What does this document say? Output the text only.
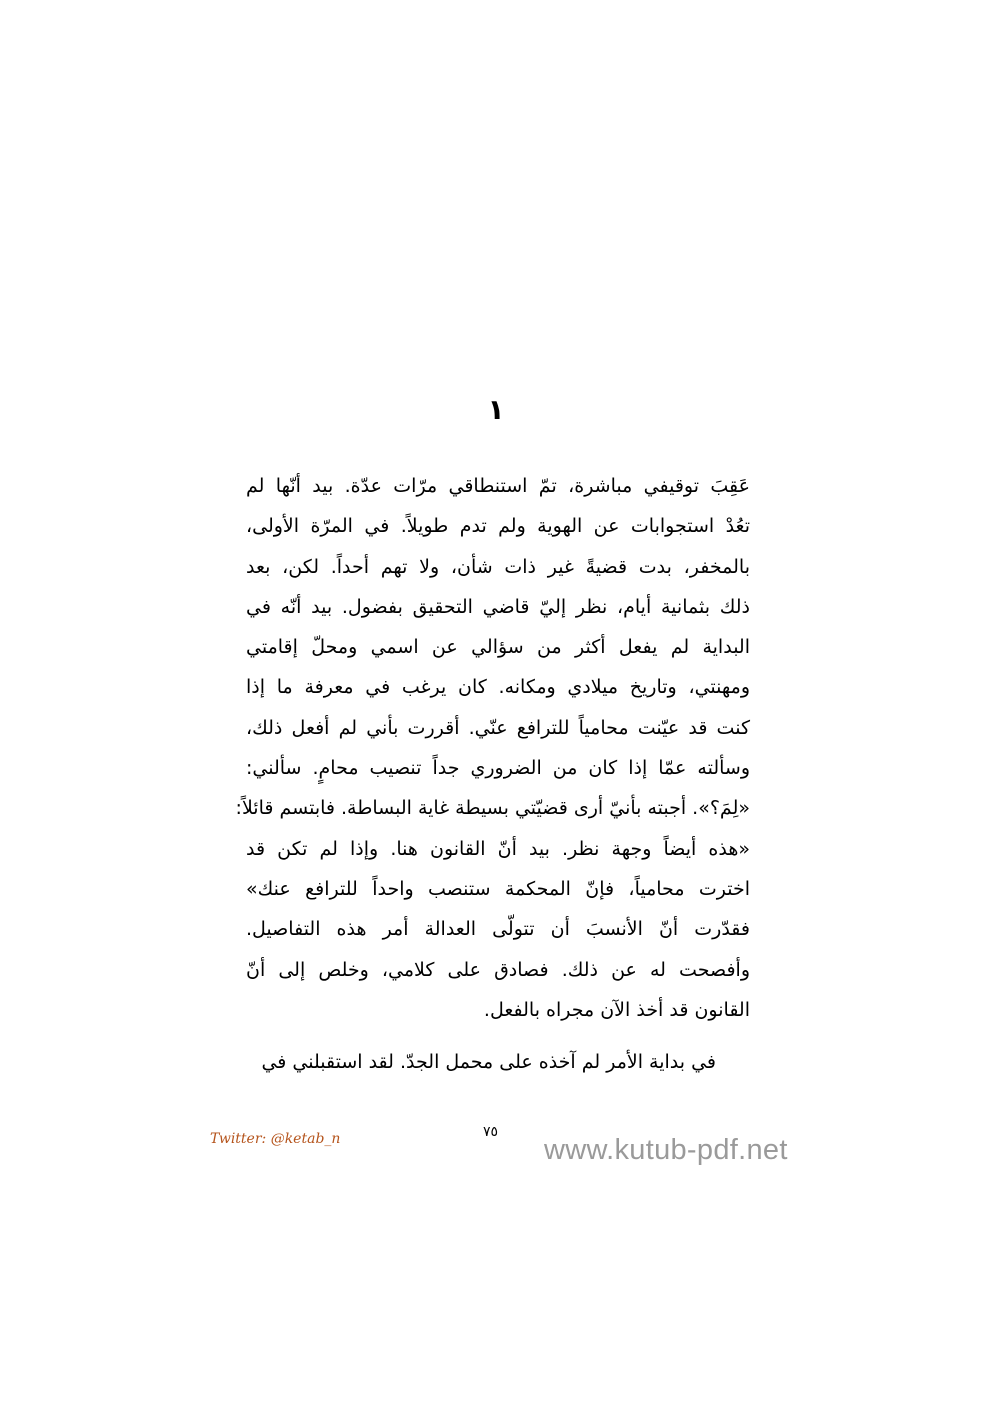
١
عَقِبَ توقيفي مباشرة، تمّ استنطاقي مرّات عدّة. بيد أنّها لم
تعُدْ استجوابات عن الهوية ولم تدم طويلاً. في المرّة الأولى،
بالمخفر، بدت قضيةً غير ذات شأن، ولا تهم أحداً. لكن، بعد
ذلك بثمانية أيام، نظر إليّ قاضي التحقيق بفضول. بيد أنّه في
البداية لم يفعل أكثر من سؤالي عن اسمي ومحلّ إقامتي
ومهنتي، وتاريخ ميلادي ومكانه. كان يرغب في معرفة ما إذا
كنت قد عيّنت محامياً للترافع عنّي. أقررت بأني لم أفعل ذلك،
وسألته عمّا إذا كان من الضروري جداً تنصيب محامٍ. سألني:
«لِمَ؟». أجبته بأنيّ أرى قضيّتي بسيطة غاية البساطة. فابتسم قائلاً:
«هذه أيضاً وجهة نظر. بيد أنّ القانون هنا. وإذا لم تكن قد
اخترت محامياً، فإنّ المحكمة ستنصب واحداً للترافع عنك»
فقدّرت أنّ الأنسبَ أن تتولّى العدالة أمر هذه التفاصيل.
وأفصحت له عن ذلك. فصادق على كلامي، وخلص إلى أنّ
القانون قد أخذ الآن مجراه بالفعل.
في بداية الأمر لم آخذه على محمل الجدّ. لقد استقبلني في
Twitter: @ketab_n	٧٥
www.kutub-pdf.net
